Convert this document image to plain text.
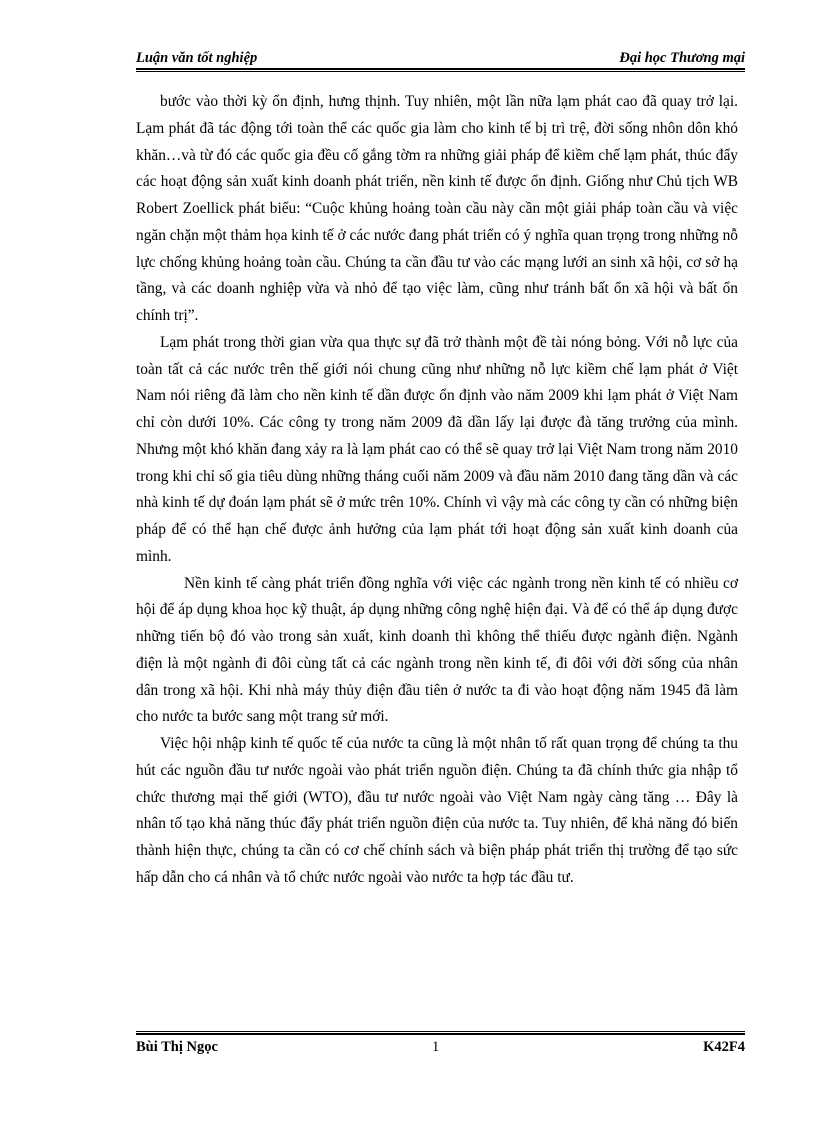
Luận văn tốt nghiệp	Đại học Thương mại

bước vào thời kỳ ổn định, hưng thịnh. Tuy nhiên, một lần nữa lạm phát cao đã quay trở lại. Lạm phát đã tác động tới toàn thể các quốc gia làm cho kinh tế bị trì trệ, đời sống nhôn dôn khó khăn…và từ đó các quốc gia đều cố gắng tờm ra những giải pháp để kiềm chế lạm phát, thúc đẩy các hoạt động sản xuất kinh doanh phát triển, nền kinh tế được ổn định. Giống như Chủ tịch WB Robert Zoellick phát biểu: “Cuộc khủng hoảng toàn cầu này cần một giải pháp toàn cầu và việc ngăn chặn một thảm họa kinh tế ở các nước đang phát triển có ý nghĩa quan trọng trong những nỗ lực chống khủng hoảng toàn cầu. Chúng ta cần đầu tư vào các mạng lưới an sinh xã hội, cơ sở hạ tầng, và các doanh nghiệp vừa và nhỏ để tạo việc làm, cũng như tránh bất ổn xã hội và bất ổn chính trị”.

Lạm phát trong thời gian vừa qua thực sự đã trở thành một đề tài nóng bỏng. Với nỗ lực của toàn tất cả các nước trên thế giới nói chung cũng như những nỗ lực kiềm chế lạm phát ở Việt Nam nói riêng đã làm cho nền kinh tế dần được ổn định vào năm 2009 khi lạm phát ở Việt Nam chỉ còn dưới 10%. Các công ty trong năm 2009 đã dần lấy lại được đà tăng trưởng của mình. Nhưng một khó khăn đang xảy ra là lạm phát cao có thể sẽ quay trở lại Việt Nam trong năm 2010 trong khi chỉ số gia tiêu dùng những tháng cuối năm 2009 và đầu năm 2010 đang tăng dần và các nhà kinh tế dự đoán lạm phát sẽ ở mức trên 10%. Chính vì vậy mà các công ty cần có những biện pháp để có thể hạn chế được ảnh hưởng của lạm phát tới hoạt động sản xuất kinh doanh của mình.

Nền kinh tế càng phát triển đồng nghĩa với việc các ngành trong nền kinh tế có nhiều cơ hội để áp dụng khoa học kỹ thuật, áp dụng những công nghệ hiện đại. Và để có thể áp dụng được những tiến bộ đó vào trong sản xuất, kinh doanh thì không thể thiếu được ngành điện. Ngành điện là một ngành đi đôi cùng tất cả các ngành trong nền kinh tế, đi đôi với đời sống của nhân dân trong xã hội. Khi nhà máy thủy điện đầu tiên ở nước ta đi vào hoạt động năm 1945 đã làm cho nước ta bước sang một trang sử mới.

Việc hội nhập kinh tế quốc tế của nước ta cũng là một nhân tố rất quan trọng để chúng ta thu hút các nguồn đầu tư nước ngoài vào phát triển nguồn điện. Chúng ta đã chính thức gia nhập tổ chức thương mại thế giới (WTO), đầu tư nước ngoài vào Việt Nam ngày càng tăng … Đây là nhân tố tạo khả năng thúc đẩy phát triển nguồn điện của nước ta. Tuy nhiên, để khả năng đó biến thành hiện thực, chúng ta cần có cơ chế chính sách và biện pháp phát triển thị trường để tạo sức hấp dẫn cho cá nhân và tổ chức nước ngoài vào nước ta hợp tác đầu tư.

Bùi Thị Ngọc	1	K42F4
